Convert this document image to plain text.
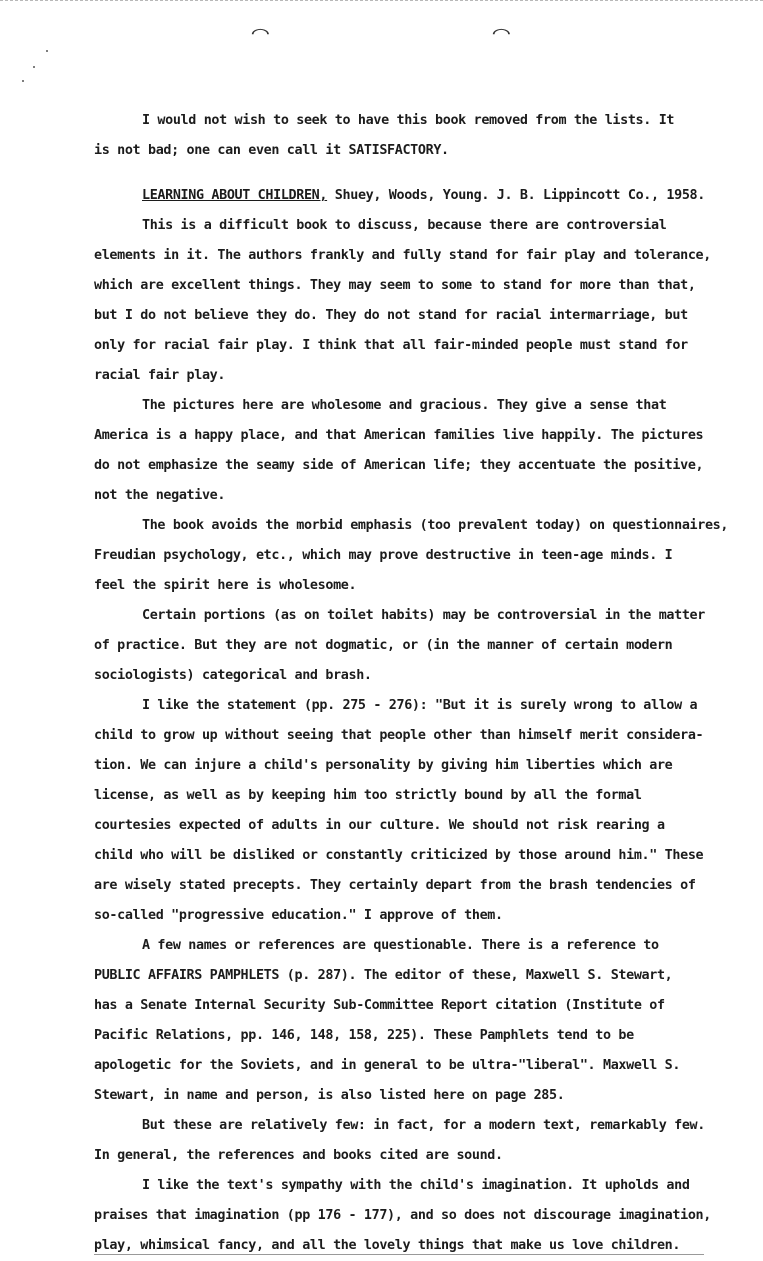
⌒	⌒
I would not wish to seek to have this book removed from the lists. It
is not bad; one can even call it SATISFACTORY.
LEARNING ABOUT CHILDREN, Shuey, Woods, Young. J. B. Lippincott Co., 1958.
This is a difficult book to discuss, because there are controversial
elements in it. The authors frankly and fully stand for fair play and tolerance,
which are excellent things. They may seem to some to stand for more than that,
but I do not believe they do. They do not stand for racial intermarriage, but
only for racial fair play. I think that all fair-minded people must stand for
racial fair play.
The pictures here are wholesome and gracious. They give a sense that
America is a happy place, and that American families live happily. The pictures
do not emphasize the seamy side of American life; they accentuate the positive,
not the negative.
The book avoids the morbid emphasis (too prevalent today) on questionnaires,
Freudian psychology, etc., which may prove destructive in teen-age minds. I
feel the spirit here is wholesome.
Certain portions (as on toilet habits) may be controversial in the matter
of practice. But they are not dogmatic, or (in the manner of certain modern
sociologists) categorical and brash.
I like the statement (pp. 275 - 276): "But it is surely wrong to allow a
child to grow up without seeing that people other than himself merit considera-
tion. We can injure a child's personality by giving him liberties which are
license, as well as by keeping him too strictly bound by all the formal
courtesies expected of adults in our culture. We should not risk rearing a
child who will be disliked or constantly criticized by those around him." These
are wisely stated precepts. They certainly depart from the brash tendencies of
so-called "progressive education." I approve of them.
A few names or references are questionable. There is a reference to
PUBLIC AFFAIRS PAMPHLETS (p. 287). The editor of these, Maxwell S. Stewart,
has a Senate Internal Security Sub-Committee Report citation (Institute of
Pacific Relations, pp. 146, 148, 158, 225). These Pamphlets tend to be
apologetic for the Soviets, and in general to be ultra-"liberal". Maxwell S.
Stewart, in name and person, is also listed here on page 285.
But these are relatively few: in fact, for a modern text, remarkably few.
In general, the references and books cited are sound.
I like the text's sympathy with the child's imagination. It upholds and
praises that imagination (pp 176 - 177), and so does not discourage imagination,
play, whimsical fancy, and all the lovely things that make us love children.
